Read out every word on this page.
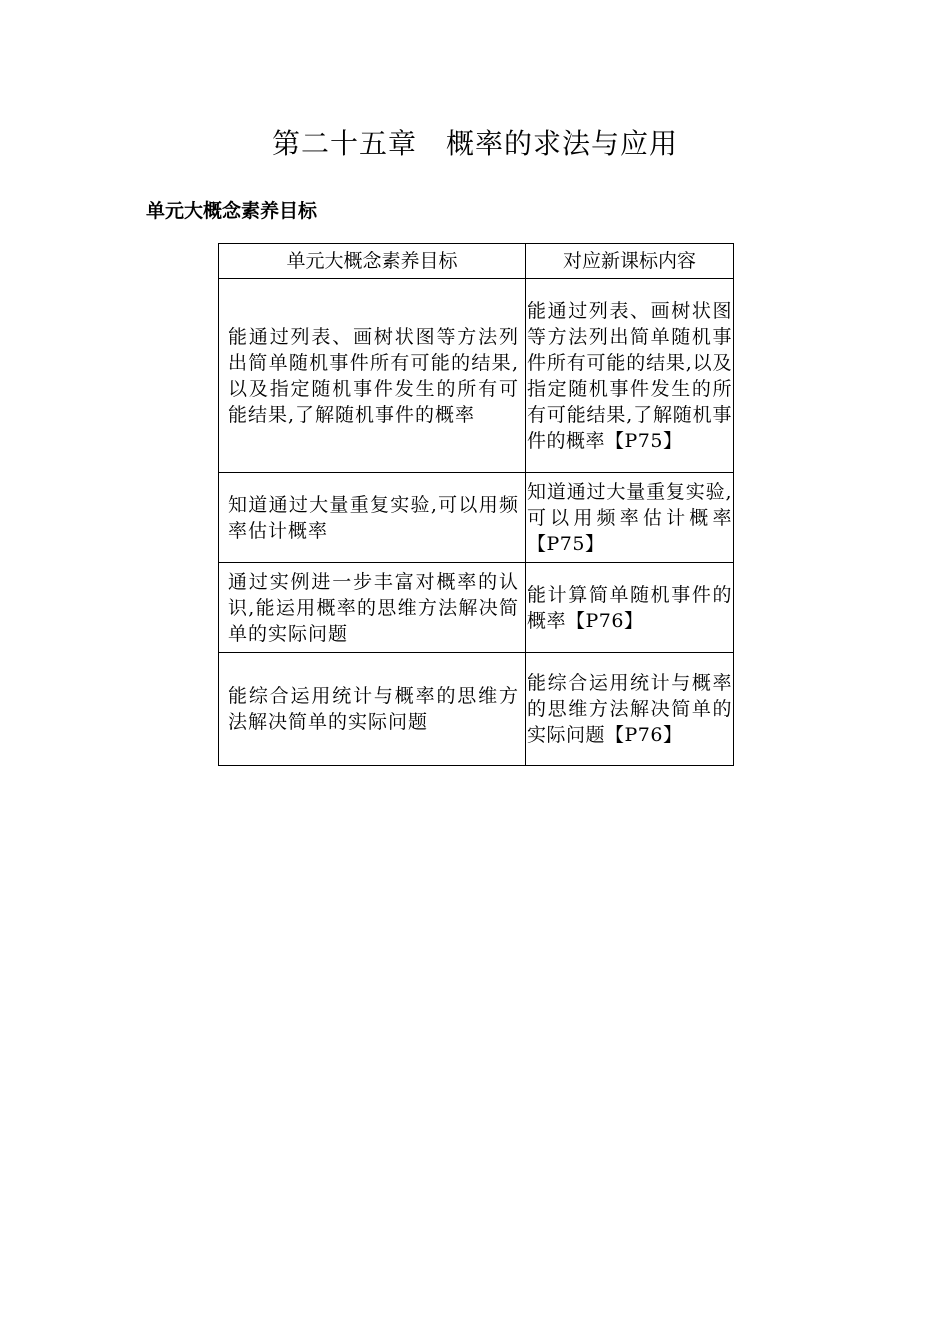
第二十五章　概率的求法与应用
单元大概念素养目标
单元大概念素养目标	对应新课标内容
能通过列表、画树状图等方法列出简单随机事件所有可能的结果,以及指定随机事件发生的所有可能结果,了解随机事件的概率	能通过列表、画树状图等方法列出简单随机事件所有可能的结果,以及指定随机事件发生的所有可能结果,了解随机事件的概率【P75】
知道通过大量重复实验,可以用频率估计概率	知道通过大量重复实验,可以用频率估计概率【P75】
通过实例进一步丰富对概率的认识,能运用概率的思维方法解决简单的实际问题	能计算简单随机事件的概率【P76】
能综合运用统计与概率的思维方法解决简单的实际问题	能综合运用统计与概率的思维方法解决简单的实际问题【P76】
